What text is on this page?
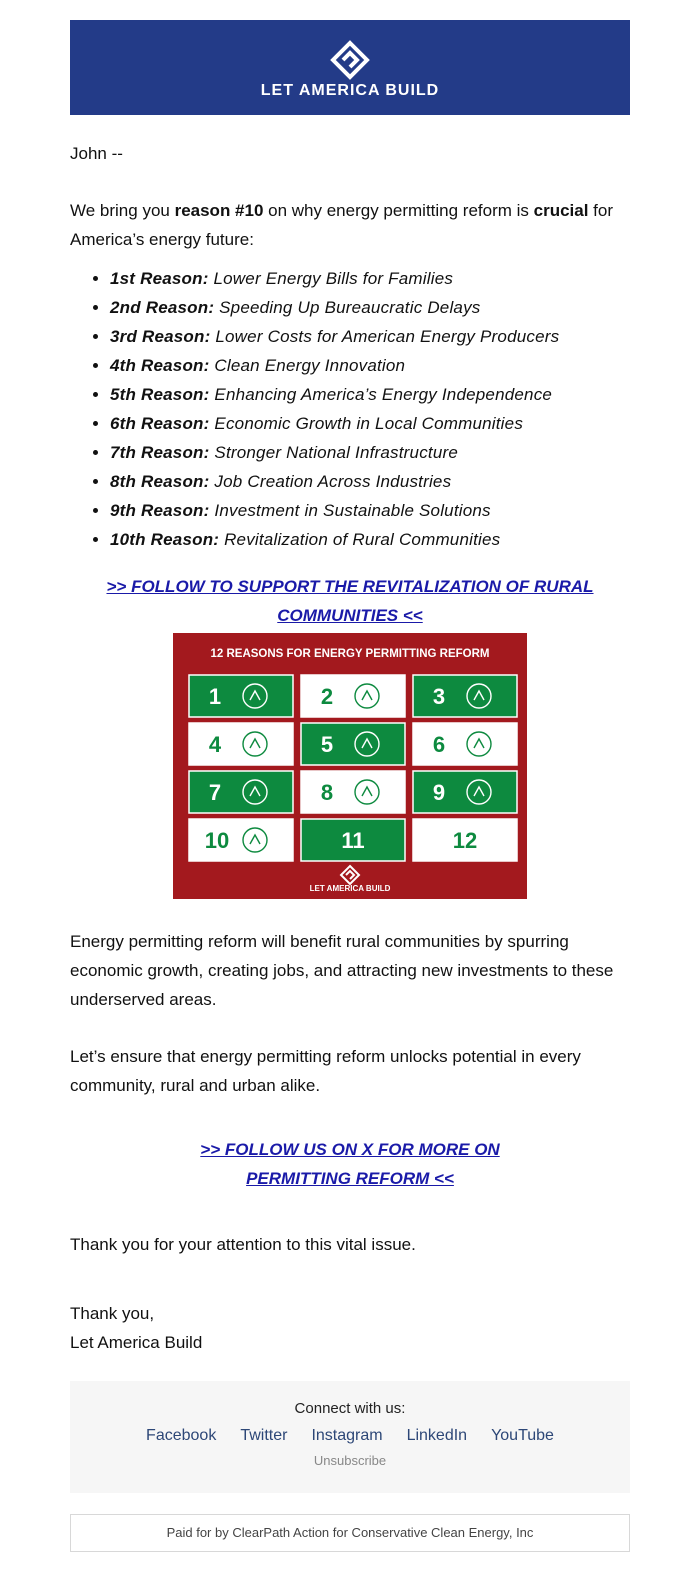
LET AMERICA BUILD

John --

We bring you reason #10 on why energy permitting reform is crucial for America’s energy future:

• 1st Reason: Lower Energy Bills for Families
• 2nd Reason: Speeding Up Bureaucratic Delays
• 3rd Reason: Lower Costs for American Energy Producers
• 4th Reason: Clean Energy Innovation
• 5th Reason: Enhancing America’s Energy Independence
• 6th Reason: Economic Growth in Local Communities
• 7th Reason: Stronger National Infrastructure
• 8th Reason: Job Creation Across Industries
• 9th Reason: Investment in Sustainable Solutions
• 10th Reason: Revitalization of Rural Communities
>> FOLLOW TO SUPPORT THE REVITALIZATION OF RURAL COMMUNITIES <<
12 REASONS FOR ENERGY PERMITTING REFORM
1	2	3
4	5	6
7	8	9
10	11	12
LET AMERICA BUILD

Energy permitting reform will benefit rural communities by spurring economic growth, creating jobs, and attracting new investments to these underserved areas.

Let’s ensure that energy permitting reform unlocks potential in every community, rural and urban alike.

>> FOLLOW US ON X FOR MORE ON
PERMITTING REFORM <<

Thank you for your attention to this vital issue.

Thank you,
Let America Build

Connect with us:
Facebook Twitter Instagram LinkedIn YouTube
Unsubscribe
Paid for by ClearPath Action for Conservative Clean Energy, Inc
